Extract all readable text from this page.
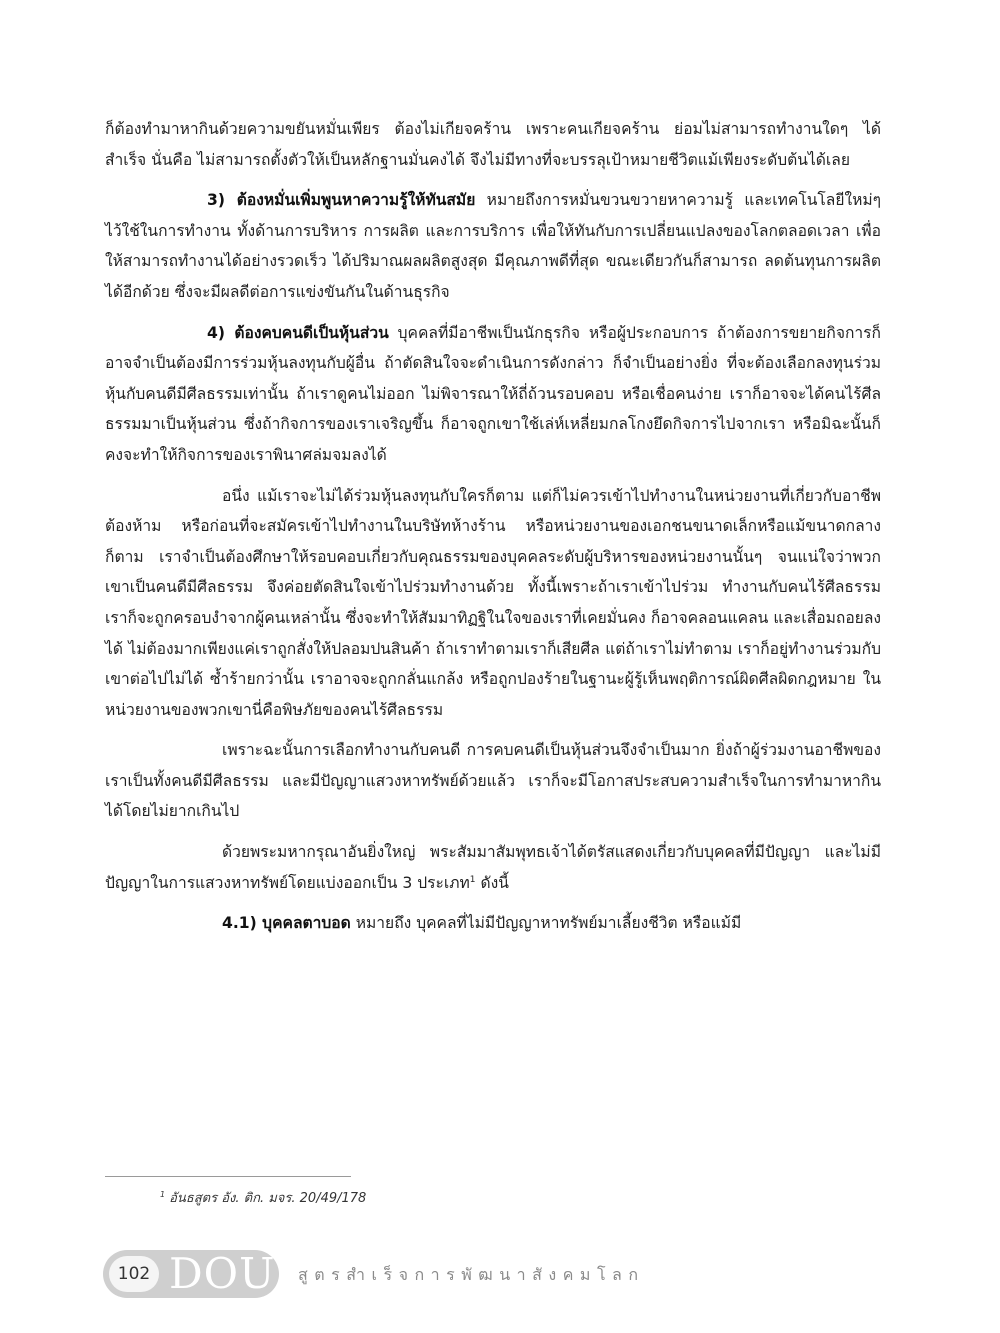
ก็ต้องทำมาหากินด้วยความขยันหมั่นเพียร ต้องไม่เกียจคร้าน เพราะคนเกียจคร้าน ย่อมไม่สามารถทำงานใดๆ ได้สำเร็จ นั่นคือ ไม่สามารถตั้งตัวให้เป็นหลักฐานมั่นคงได้ จึงไม่มีทางที่จะบรรลุเป้าหมายชีวิตแม้เพียงระดับต้นได้เลย

3) ต้องหมั่นเพิ่มพูนหาความรู้ให้ทันสมัย หมายถึงการหมั่นขวนขวายหาความรู้ และเทคโนโลยีใหม่ๆ ไว้ใช้ในการทำงาน ทั้งด้านการบริหาร การผลิต และการบริการ เพื่อให้ทันกับการเปลี่ยนแปลงของโลกตลอดเวลา เพื่อให้สามารถทำงานได้อย่างรวดเร็ว ได้ปริมาณผลผลิตสูงสุด มีคุณภาพดีที่สุด ขณะเดียวกันก็สามารถ ลดต้นทุนการผลิตได้อีกด้วย ซึ่งจะมีผลดีต่อการแข่งขันกันในด้านธุรกิจ

4) ต้องคบคนดีเป็นหุ้นส่วน บุคคลที่มีอาชีพเป็นนักธุรกิจ หรือผู้ประกอบการ ถ้าต้องการขยายกิจการก็อาจจำเป็นต้องมีการร่วมหุ้นลงทุนกับผู้อื่น ถ้าตัดสินใจจะดำเนินการดังกล่าว ก็จำเป็นอย่างยิ่ง ที่จะต้องเลือกลงทุนร่วมหุ้นกับคนดีมีศีลธรรมเท่านั้น ถ้าเราดูคนไม่ออก ไม่พิจารณาให้ถี่ถ้วนรอบคอบ หรือเชื่อคนง่าย เราก็อาจจะได้คนไร้ศีลธรรมมาเป็นหุ้นส่วน ซึ่งถ้ากิจการของเราเจริญขึ้น ก็อาจถูกเขาใช้เล่ห์เหลี่ยมกลโกงยึดกิจการไปจากเรา หรือมิฉะนั้นก็คงจะทำให้กิจการของเราพินาศล่มจมลงได้

อนึ่ง แม้เราจะไม่ได้ร่วมหุ้นลงทุนกับใครก็ตาม แต่ก็ไม่ควรเข้าไปทำงานในหน่วยงานที่เกี่ยวกับอาชีพต้องห้าม หรือก่อนที่จะสมัครเข้าไปทำงานในบริษัทห้างร้าน หรือหน่วยงานของเอกชนขนาดเล็กหรือแม้ขนาดกลางก็ตาม เราจำเป็นต้องศึกษาให้รอบคอบเกี่ยวกับคุณธรรมของบุคคลระดับผู้บริหารของหน่วยงานนั้นๆ จนแน่ใจว่าพวกเขาเป็นคนดีมีศีลธรรม จึงค่อยตัดสินใจเข้าไปร่วมทำงานด้วย ทั้งนี้เพราะถ้าเราเข้าไปร่วม ทำงานกับคนไร้ศีลธรรม เราก็จะถูกครอบงำจากผู้คนเหล่านั้น ซึ่งจะทำให้สัมมาทิฏฐิในใจของเราที่เคยมั่นคง ก็อาจคลอนแคลน และเสื่อมถอยลงได้ ไม่ต้องมากเพียงแค่เราถูกสั่งให้ปลอมปนสินค้า ถ้าเราทำตามเราก็เสียศีล แต่ถ้าเราไม่ทำตาม เราก็อยู่ทำงานร่วมกับเขาต่อไปไม่ได้ ซ้ำร้ายกว่านั้น เราอาจจะถูกกลั่นแกล้ง หรือถูกปองร้ายในฐานะผู้รู้เห็นพฤติการณ์ผิดศีลผิดกฎหมาย ในหน่วยงานของพวกเขานี่คือพิษภัยของคนไร้ศีลธรรม

เพราะฉะนั้นการเลือกทำงานกับคนดี การคบคนดีเป็นหุ้นส่วนจึงจำเป็นมาก ยิ่งถ้าผู้ร่วมงานอาชีพของเราเป็นทั้งคนดีมีศีลธรรม และมีปัญญาแสวงหาทรัพย์ด้วยแล้ว เราก็จะมีโอกาสประสบความสำเร็จในการทำมาหากินได้โดยไม่ยากเกินไป

ด้วยพระมหากรุณาอันยิ่งใหญ่ พระสัมมาสัมพุทธเจ้าได้ตรัสแสดงเกี่ยวกับบุคคลที่มีปัญญา และไม่มีปัญญาในการแสวงหาทรัพย์โดยแบ่งออกเป็น 3 ประเภท$^1$ ดังนี้

4.1) บุคคลตาบอด หมายถึง บุคคลที่ไม่มีปัญญาหาทรัพย์มาเลี้ยงชีวิต หรือแม้มี

$^1$ อันธสูตร อัง. ติก. มจร. 20/49/178
102 DOU สูตรสำเร็จการพัฒนาสังคมโลก
